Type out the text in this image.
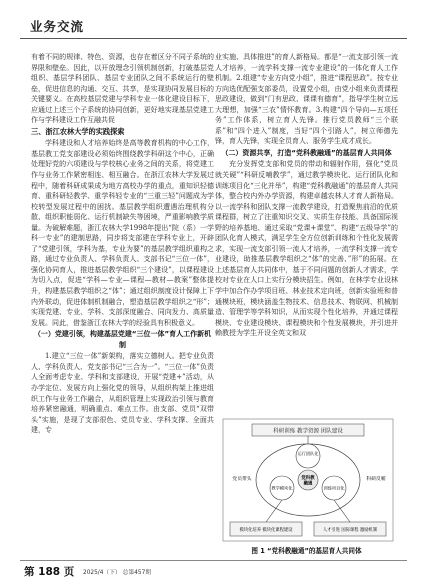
业务交流

有着不同的规律、特色、资源，也存在着区分不同子系统的界限和壁垒。因此，以开放理念引领机制创新，打破基层党组织、基层学科团队、基层专业团队之间不系统运行的壁垒，促进信息的沟通、交互、共享，是实现协同发展目标的关键要义。在高校基层党建与学科专业一体化建设目标下，应通过上述三个子系统的协同创新，更好地实现基层党建工作与学科建设工作互融共促

三、浙江农林大学的实践探索

学科建设和人才培养始终是高等教育机构的中心工作，基层教工党支部建设必须始终围绕教学科研这个中心，正确处理好党的六项建设与学校核心业务之间的关系，将党建工作与业务工作紧密相连、相互融合。在浙江农林大学发展过程中，随着科研成果成为地方高校办学的重点，重知识轻德育、重科研轻教学、重学科轻专业的“三重三轻”问题成为学校转型发展过程中的困扰。基层教学组织遭遇治理机构分散、组织职能弱化、运行机制缺失等困境，严重影响教学质量。为破解难题，浙江农林大学1998年提出“院（系）一学科一专业”的建制思路，同步将支部建在学科专业上，开辟了“党建引领，学科为基，专业为要”的基层教学组织重构之路，通过专业负责人、学科负责人、支部书记“三位一体”，强化协同育人，推进基层教学组织“三个建设”，以课程建设为切入点，促进“学科—专业—课程—教材—教案”整体提升，构建基层教学组织之“体”；通过组织制度设计保障上下内外联动，促进体制机制融合，塑造基层教学组织之“形”；实现党建、专业、学科、支部深度融合、同向发力、高质量发展。同此，借鉴浙江农林大学的经验具有积极意义。

（一）党建引领，构建基层党建“三位一体”育人工作新机制

1.建立“三位一体”新架构，落实立德树人。把专业负责人、学科负责人、党支部书记“三合为一”。“三位一体”负责人全面考虑专业、学科和支部建设，开展“党建+”活动，从办学定位、发展方向上强化党的领导，从组织构架上推进组织工作与业务工作融合，从组织管理上实现政治引领与教育培养紧密融通，明确重点、难点工作。由支部、党员“双带头”实施，是现了支部很色、党员专业、学科支撑、全面共建，专

业实施、具体推进”的育人新格局。都是“一流支部引领一流人才培养，一流学科支撑一流专业建设”的一体化育人工作机制。2.组建“专业方向党小组”，推进“课程思政”。按专业方向选优配强支部委员，设置党小组，由党小组来负责课程思政建设，做到“门有思政、课课有德育”，指导学生树立远大理想，加强“三农”情怀教育。3.构建“四个导向—五项任务”工作体系，树立育人先锋。推行党员教师“三个联系”和“四个进入”制度，当好“四个引路人”，树立师德先锋，育人先锋，实现全员育人、服务学生成才成长。

（二）资源共享，打造“党科教融通”的基层育人共同体

充分发挥党支部和党员的带动和辐射作用，强化“党员就关硬”“科研反哺教学”，通过教学模块化、运行团队化和训练项目化“三化并举”，构建“党科教融通”的基层育人共同体，整合校内外办学资源，构建卓越农林人才育人新格局。以一流学科和团队支撑一流教学建设，打造聚焦前沿的优质课程群，树立了注重知识交叉、实质生存技能、具备国际视野的培养基地、通过采取“党课+课堂”、构建“五级导学”的团队化育人模式，满足学生全方位创新训练和个性化发展需求，实现一流支部引领一流人才培养，一流学科支撑一流专业建设，助推基层教学组织之“体”的完善、”形”的拓展。在上述基层育人共同体中，基于不同问题的创新人才需求，学校对专业在人口上实行分模块招生。例如，在林学专业设林学中加合作办学项目班、林业技术定向班，创新实验班和普通模块班，模块涵盖生物技术、信息技术、物联网、机械制造、管理学等学科知识，从而实现个性化培养，并通过课程模块、专业建设模块、课程模块和个性发展模块，并引进并赖教授为学生开设全英文和双

科研训练 教学资源 团队建设
运行团队化
教学模块化	训练项目化
党科教
融通
党员带头	科研反哺
模块化培养 模块化课程建设	人才引进 国际课程 激励机制
图 1 “党科教融通”的基层育人共同体
第 188 页 2025/4（下） 总第457期
